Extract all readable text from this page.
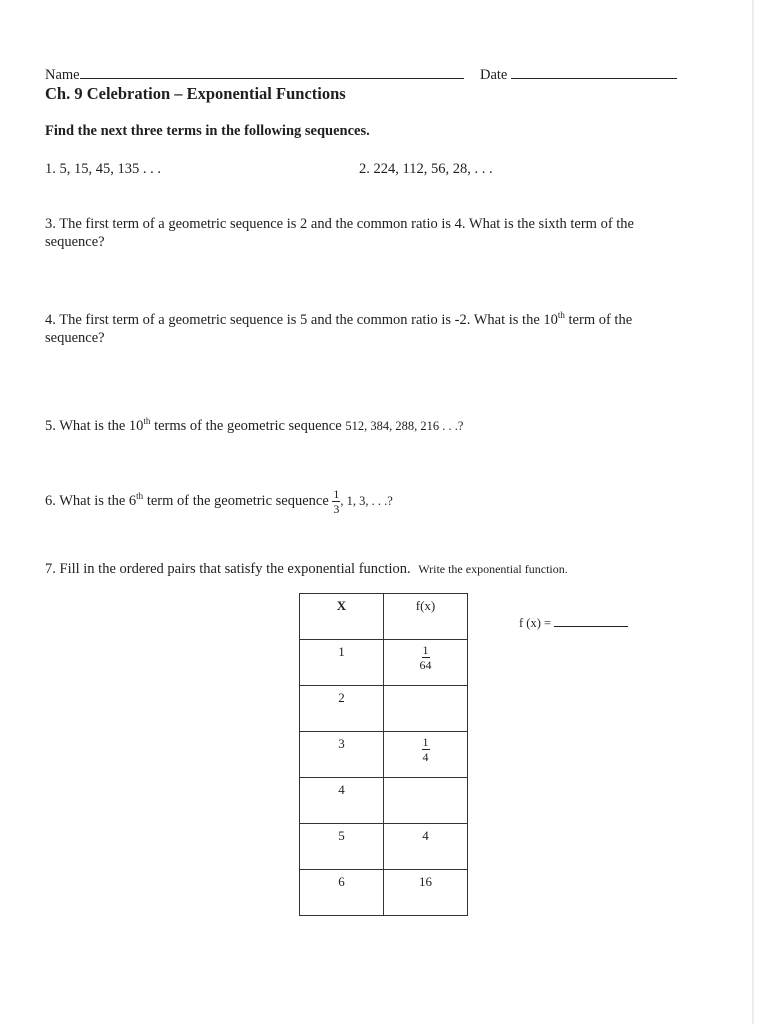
Name	Date
Ch. 9 Celebration – Exponential Functions
Find the next three terms in the following sequences.
1. 5, 15, 45, 135 . . .	2. 224, 112, 56, 28, . . .
3. The first term of a geometric sequence is 2 and the common ratio is 4. What is the sixth term of the
sequence?
4. The first term of a geometric sequence is 5 and the common ratio is -2. What is the 10th term of the
sequence?
5. What is the 10th terms of the geometric sequence 512, 384, 288, 216 . . .?
6. What is the 6th term of the geometric sequence $\frac{1}{3}$ , 1, 3, . . .?
7. Fill in the ordered pairs that satisfy the exponential function. Write the exponential function.
f (x) =
X	f(x)
1	$\frac{1}{64}$

2	
3	$\frac{1}{4}$

4	
5	4
6	16
